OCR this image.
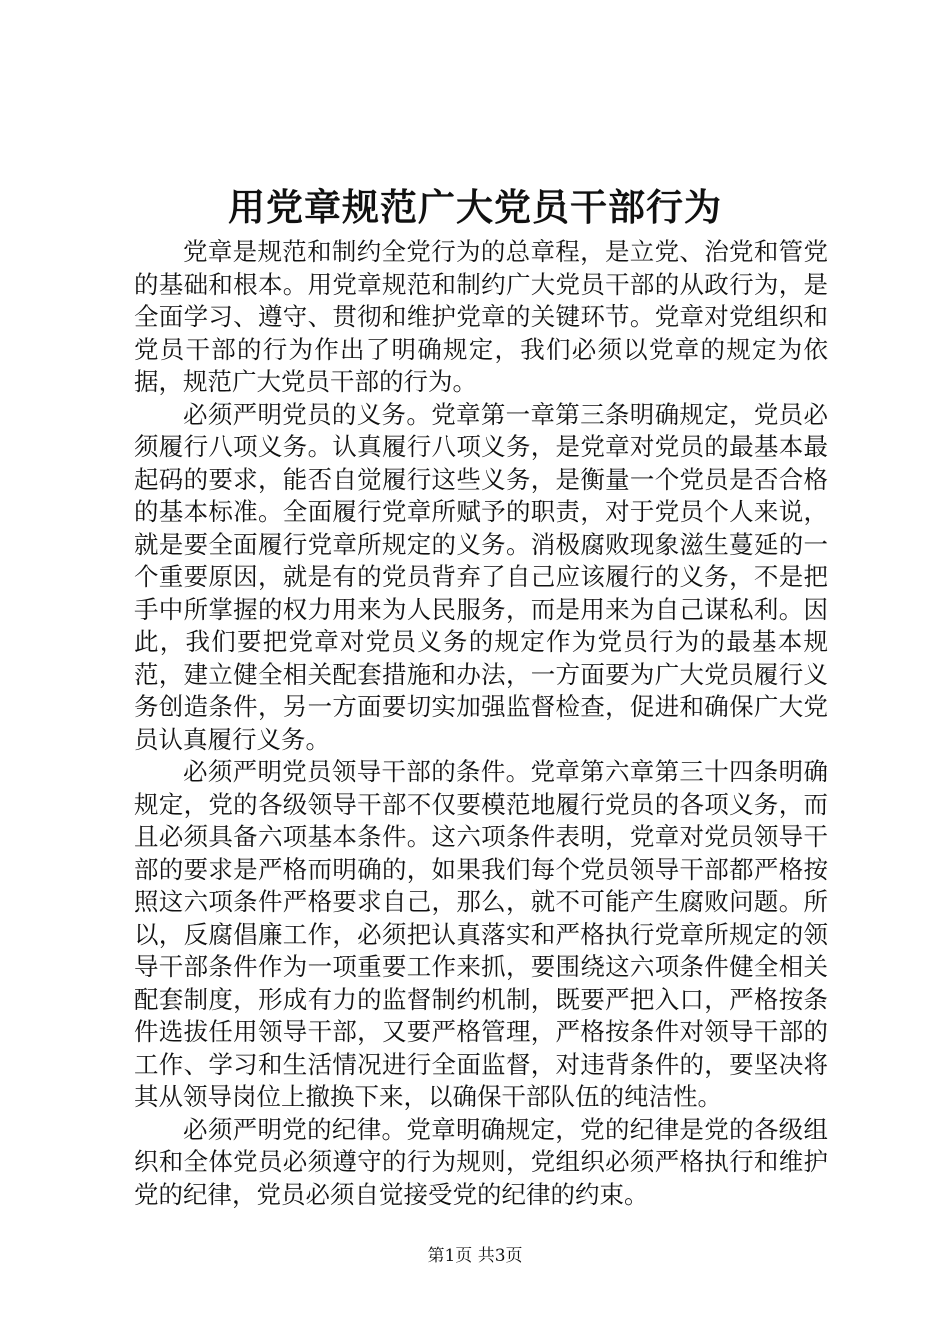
用党章规范广大党员干部行为

党章是规范和制约全党行为的总章程，是立党、治党和管党的基础和根本。用党章规范和制约广大党员干部的从政行为，是全面学习、遵守、贯彻和维护党章的关键环节。党章对党组织和党员干部的行为作出了明确规定，我们必须以党章的规定为依据，规范广大党员干部的行为。

必须严明党员的义务。党章第一章第三条明确规定，党员必须履行八项义务。认真履行八项义务，是党章对党员的最基本最起码的要求，能否自觉履行这些义务，是衡量一个党员是否合格的基本标准。全面履行党章所赋予的职责，对于党员个人来说，就是要全面履行党章所规定的义务。消极腐败现象滋生蔓延的一个重要原因，就是有的党员背弃了自己应该履行的义务，不是把手中所掌握的权力用来为人民服务，而是用来为自己谋私利。因此，我们要把党章对党员义务的规定作为党员行为的最基本规范，建立健全相关配套措施和办法，一方面要为广大党员履行义务创造条件，另一方面要切实加强监督检查，促进和确保广大党员认真履行义务。

必须严明党员领导干部的条件。党章第六章第三十四条明确规定，党的各级领导干部不仅要模范地履行党员的各项义务，而且必须具备六项基本条件。这六项条件表明，党章对党员领导干部的要求是严格而明确的，如果我们每个党员领导干部都严格按照这六项条件严格要求自己，那么，就不可能产生腐败问题。所以，反腐倡廉工作，必须把认真落实和严格执行党章所规定的领导干部条件作为一项重要工作来抓，要围绕这六项条件健全相关配套制度，形成有力的监督制约机制，既要严把入口，严格按条件选拔任用领导干部，又要严格管理，严格按条件对领导干部的工作、学习和生活情况进行全面监督，对违背条件的，要坚决将其从领导岗位上撤换下来，以确保干部队伍的纯洁性。

必须严明党的纪律。党章明确规定，党的纪律是党的各级组织和全体党员必须遵守的行为规则，党组织必须严格执行和维护党的纪律，党员必须自觉接受党的纪律的约束。

第1页 共3页
